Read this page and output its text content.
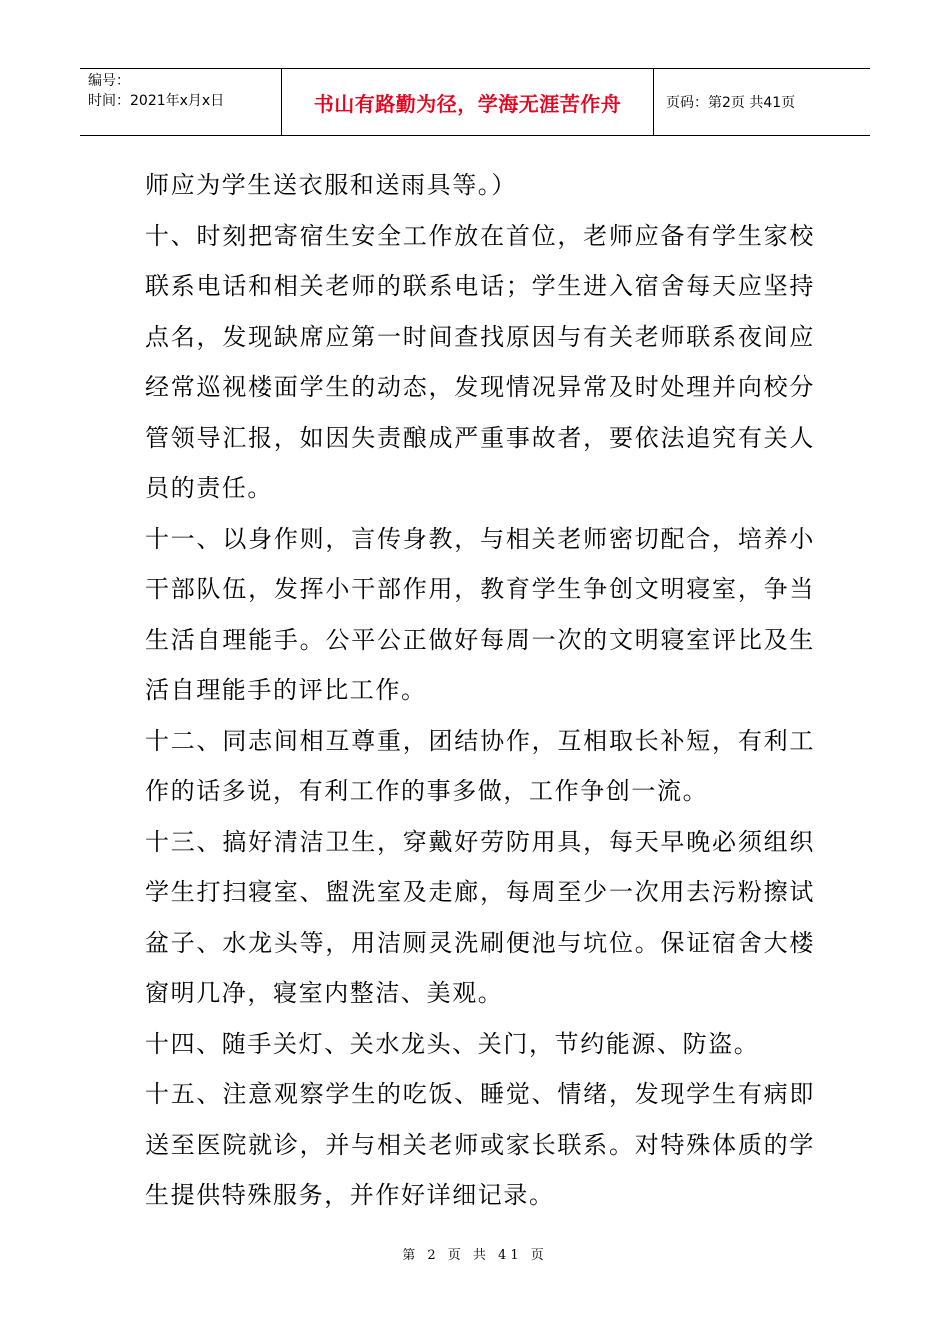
编号：
时间：2021年x月x日	书山有路勤为径，学海无涯苦作舟	页码：第2页 共41页

师应为学生送衣服和送雨具等。）

十、时刻把寄宿生安全工作放在首位，老师应备有学生家校联系电话和相关老师的联系电话；学生进入宿舍每天应坚持点名，发现缺席应第一时间查找原因与有关老师联系夜间应经常巡视楼面学生的动态，发现情况异常及时处理并向校分管领导汇报，如因失责酿成严重事故者，要依法追究有关人员的责任。

十一、以身作则，言传身教，与相关老师密切配合，培养小干部队伍，发挥小干部作用，教育学生争创文明寝室，争当生活自理能手。公平公正做好每周一次的文明寝室评比及生活自理能手的评比工作。

十二、同志间相互尊重，团结协作，互相取长补短，有利工作的话多说，有利工作的事多做，工作争创一流。

十三、搞好清洁卫生，穿戴好劳防用具，每天早晚必须组织学生打扫寝室、盥洗室及走廊，每周至少一次用去污粉擦试盆子、水龙头等，用洁厕灵洗刷便池与坑位。保证宿舍大楼窗明几净，寝室内整洁、美观。

十四、随手关灯、关水龙头、关门，节约能源、防盗。

十五、注意观察学生的吃饭、睡觉、情绪，发现学生有病即送至医院就诊，并与相关老师或家长联系。对特殊体质的学生提供特殊服务，并作好详细记录。

第 2 页 共 41 页
